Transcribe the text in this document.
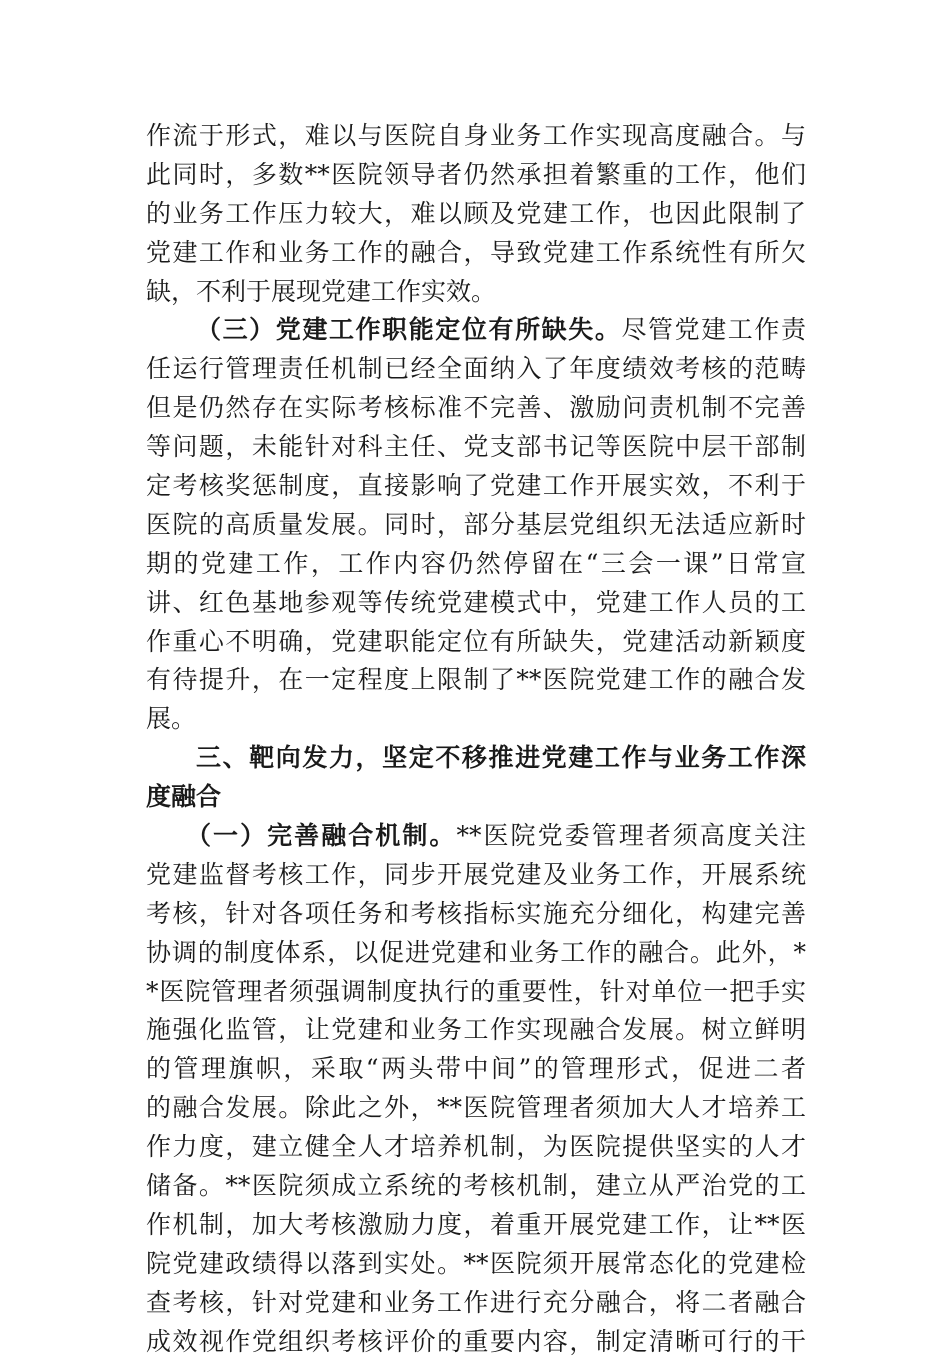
作流于形式，难以与医院自身业务工作实现高度融合。与
此同时，多数**医院领导者仍然承担着繁重的工作，他们
的业务工作压力较大，难以顾及党建工作，也因此限制了
党建工作和业务工作的融合，导致党建工作系统性有所欠
缺，不利于展现党建工作实效。
（三）党建工作职能定位有所缺失。尽管党建工作责
任运行管理责任机制已经全面纳入了年度绩效考核的范畴
但是仍然存在实际考核标准不完善、激励问责机制不完善
等问题，未能针对科主任、党支部书记等医院中层干部制
定考核奖惩制度，直接影响了党建工作开展实效，不利于
医院的高质量发展。同时，部分基层党组织无法适应新时
期的党建工作，工作内容仍然停留在“三会一课”日常宣
讲、红色基地参观等传统党建模式中，党建工作人员的工
作重心不明确，党建职能定位有所缺失，党建活动新颖度
有待提升，在一定程度上限制了**医院党建工作的融合发
展。
三、靶向发力，坚定不移推进党建工作与业务工作深
度融合
（一）完善融合机制。**医院党委管理者须高度关注
党建监督考核工作，同步开展党建及业务工作，开展系统
考核，针对各项任务和考核指标实施充分细化，构建完善
协调的制度体系，以促进党建和业务工作的融合。此外，*
*医院管理者须强调制度执行的重要性，针对单位一把手实
施强化监管，让党建和业务工作实现融合发展。树立鲜明
的管理旗帜，采取“两头带中间”的管理形式，促进二者
的融合发展。除此之外，**医院管理者须加大人才培养工
作力度，建立健全人才培养机制，为医院提供坚实的人才
储备。**医院须成立系统的考核机制，建立从严治党的工
作机制，加大考核激励力度，着重开展党建工作，让**医
院党建政绩得以落到实处。**医院须开展常态化的党建检
查考核，针对党建和业务工作进行充分融合，将二者融合
成效视作党组织考核评价的重要内容，制定清晰可行的干
